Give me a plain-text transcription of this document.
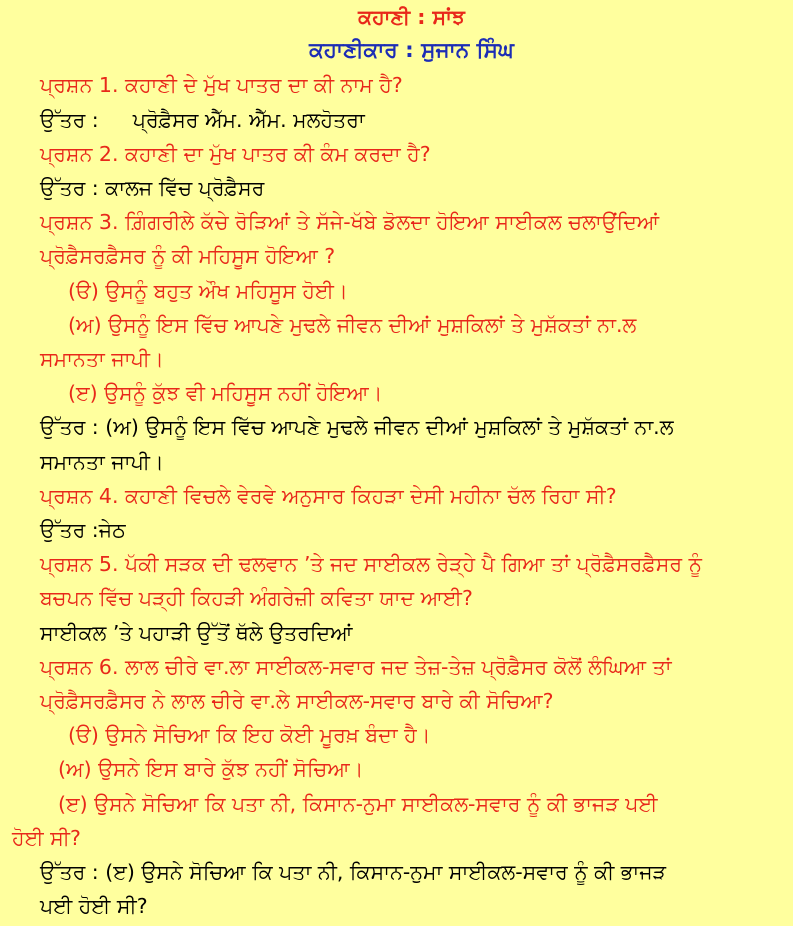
ਕਹਾਣੀ : ਸਾਂਝ

ਕਹਾਣੀਕਾਰ : ਸੁਜਾਨ ਸਿੰਘ

ਪ੍ਰਸ਼ਨ 1. ਕਹਾਣੀ ਦੇ ਮੁੱਖ ਪਾਤਰ ਦਾ ਕੀ ਨਾਮ ਹੈ?

ਉੱਤਰ : ਪ੍ਰੋਫ਼ੈਸਰ ਐੱਮ. ਐੱਮ. ਮਲਹੋਤਰਾ

ਪ੍ਰਸ਼ਨ 2. ਕਹਾਣੀ ਦਾ ਮੁੱਖ ਪਾਤਰ ਕੀ ਕੰਮ ਕਰਦਾ ਹੈ?

ਉੱਤਰ : ਕਾਲਜ ਵਿੱਚ ਪ੍ਰੋਫ਼ੈਸਰ

ਪ੍ਰਸ਼ਨ 3. ਗ਼ਿੰਗਰੀਲੇ ਕੱਚੇ ਰੋੜਿਆਂ ਤੇ ਸੱਜੇ-ਖੱਬੇ ਡੋਲਦਾ ਹੋਇਆ ਸਾਈਕਲ ਚਲਾਉਂਦਿਆਂ

ਪ੍ਰੋਫ਼ੈਸਰਫ਼ੈਸਰ ਨੂੰ ਕੀ ਮਹਿਸੂਸ ਹੋਇਆ ?

(ੳ) ਉਸਨੂੰ ਬਹੁਤ ਔਖ ਮਹਿਸੂਸ ਹੋਈ।

(ਅ) ਉਸਨੂੰ ਇਸ ਵਿੱਚ ਆਪਣੇ ਮੁਢਲੇ ਜੀਵਨ ਦੀਆਂ ਮੁਸ਼ਕਿਲਾਂ ਤੇ ਮੁਸ਼ੱਕਤਾਂ ਨਾ.ਲ

ਸਮਾਨਤਾ ਜਾਪੀ।

(ੲ) ਉਸਨੂੰ ਕੁੱਝ ਵੀ ਮਹਿਸੂਸ ਨਹੀਂ ਹੋਇਆ।

ਉੱਤਰ : (ਅ) ਉਸਨੂੰ ਇਸ ਵਿੱਚ ਆਪਣੇ ਮੁਢਲੇ ਜੀਵਨ ਦੀਆਂ ਮੁਸ਼ਕਿਲਾਂ ਤੇ ਮੁਸ਼ੱਕਤਾਂ ਨਾ.ਲ

ਸਮਾਨਤਾ ਜਾਪੀ।

ਪ੍ਰਸ਼ਨ 4. ਕਹਾਣੀ ਵਿਚਲੇ ਵੇਰਵੇ ਅਨੁਸਾਰ ਕਿਹੜਾ ਦੇਸੀ ਮਹੀਨਾ ਚੱਲ ਰਿਹਾ ਸੀ?

ਉੱਤਰ :ਜੇਠ

ਪ੍ਰਸ਼ਨ 5. ਪੱਕੀ ਸੜਕ ਦੀ ਢਲਵਾਨ ’ਤੇ ਜਦ ਸਾਈਕਲ ਰੇੜ੍ਹੇ ਪੈ ਗਿਆ ਤਾਂ ਪ੍ਰੋਫ਼ੈਸਰਫ਼ੈਸਰ ਨੂੰ

ਬਚਪਨ ਵਿੱਚ ਪੜ੍ਹੀ ਕਿਹੜੀ ਅੰਗਰੇਜ਼ੀ ਕਵਿਤਾ ਯਾਦ ਆਈ?

ਸਾਈਕਲ ’ਤੇ ਪਹਾੜੀ ਉੱਤੋਂ ਥੱਲੇ ਉਤਰਦਿਆਂ

ਪ੍ਰਸ਼ਨ 6. ਲਾਲ ਚੀਰੇ ਵਾ.ਲਾ ਸਾਈਕਲ-ਸਵਾਰ ਜਦ ਤੇਜ਼-ਤੇਜ਼ ਪ੍ਰੋਫ਼ੈਸਰ ਕੋਲੋਂ ਲੰਘਿਆ ਤਾਂ

ਪ੍ਰੋਫ਼ੈਸਰਫ਼ੈਸਰ ਨੇ ਲਾਲ ਚੀਰੇ ਵਾ.ਲੇ ਸਾਈਕਲ-ਸਵਾਰ ਬਾਰੇ ਕੀ ਸੋਚਿਆ?

(ੳ) ਉਸਨੇ ਸੋਚਿਆ ਕਿ ਇਹ ਕੋਈ ਮੂਰਖ਼ ਬੰਦਾ ਹੈ।

(ਅ) ਉਸਨੇ ਇਸ ਬਾਰੇ ਕੁੱਝ ਨਹੀਂ ਸੋਚਿਆ।

(ੲ) ਉਸਨੇ ਸੋਚਿਆ ਕਿ ਪਤਾ ਨੀ, ਕਿਸਾਨ-ਨੁਮਾ ਸਾਈਕਲ-ਸਵਾਰ ਨੂੰ ਕੀ ਭਾਜੜ ਪਈ

ਹੋਈ ਸੀ?

ਉੱਤਰ : (ੲ) ਉਸਨੇ ਸੋਚਿਆ ਕਿ ਪਤਾ ਨੀ, ਕਿਸਾਨ-ਨੁਮਾ ਸਾਈਕਲ-ਸਵਾਰ ਨੂੰ ਕੀ ਭਾਜੜ

ਪਈ ਹੋਈ ਸੀ?
